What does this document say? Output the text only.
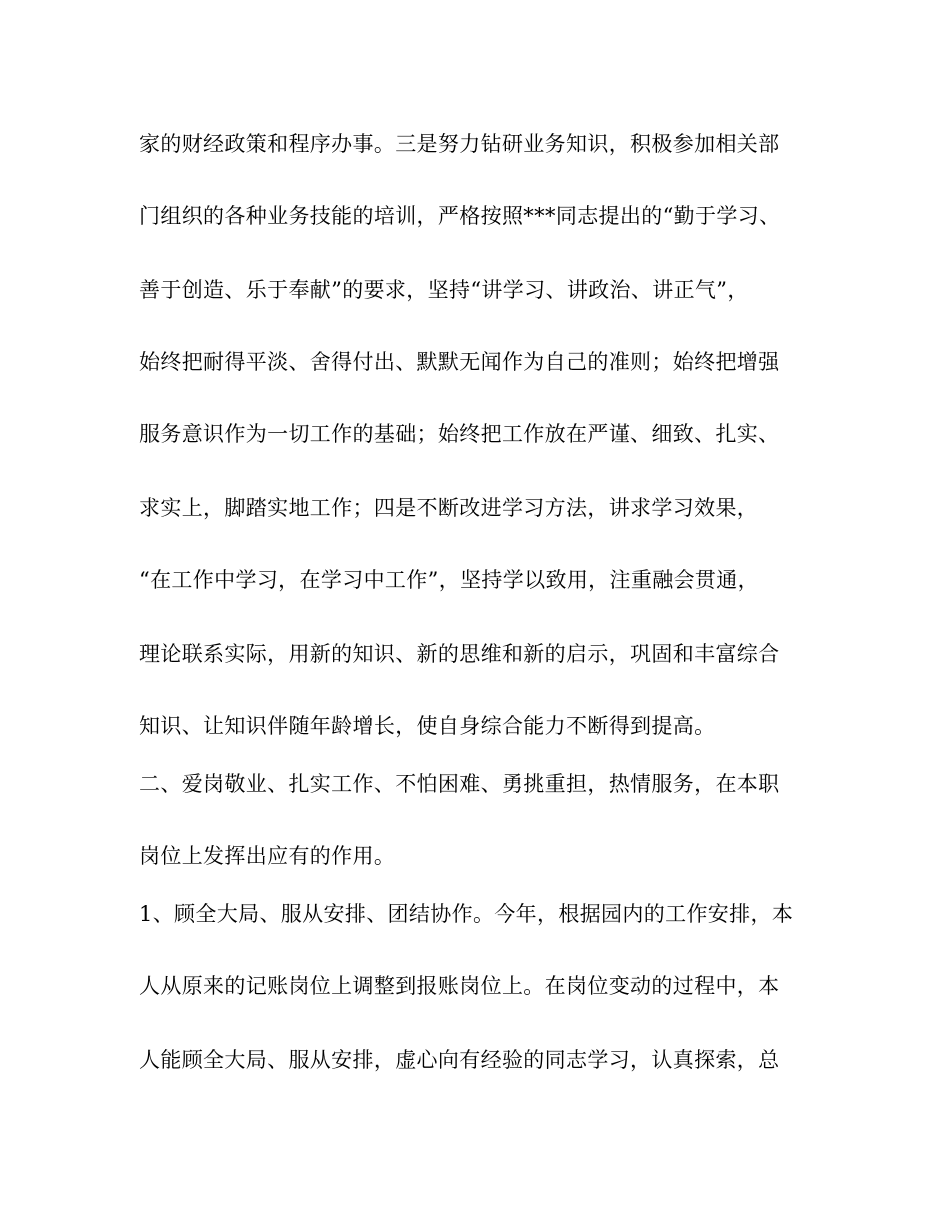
家的财经政策和程序办事。三是努力钻研业务知识，积极参加相关部
门组织的各种业务技能的培训，严格按照***同志提出的“勤于学习、
善于创造、乐于奉献”的要求，坚持“讲学习、讲政治、讲正气”，
始终把耐得平淡、舍得付出、默默无闻作为自己的准则；始终把增强
服务意识作为一切工作的基础；始终把工作放在严谨、细致、扎实、
求实上，脚踏实地工作；四是不断改进学习方法，讲求学习效果，
“在工作中学习，在学习中工作”，坚持学以致用，注重融会贯通，
理论联系实际，用新的知识、新的思维和新的启示，巩固和丰富综合
知识、让知识伴随年龄增长，使自身综合能力不断得到提高。
二、爱岗敬业、扎实工作、不怕困难、勇挑重担，热情服务，在本职
岗位上发挥出应有的作用。
1、顾全大局、服从安排、团结协作。今年，根据园内的工作安排，本
人从原来的记账岗位上调整到报账岗位上。在岗位变动的过程中，本
人能顾全大局、服从安排，虚心向有经验的同志学习，认真探索，总
